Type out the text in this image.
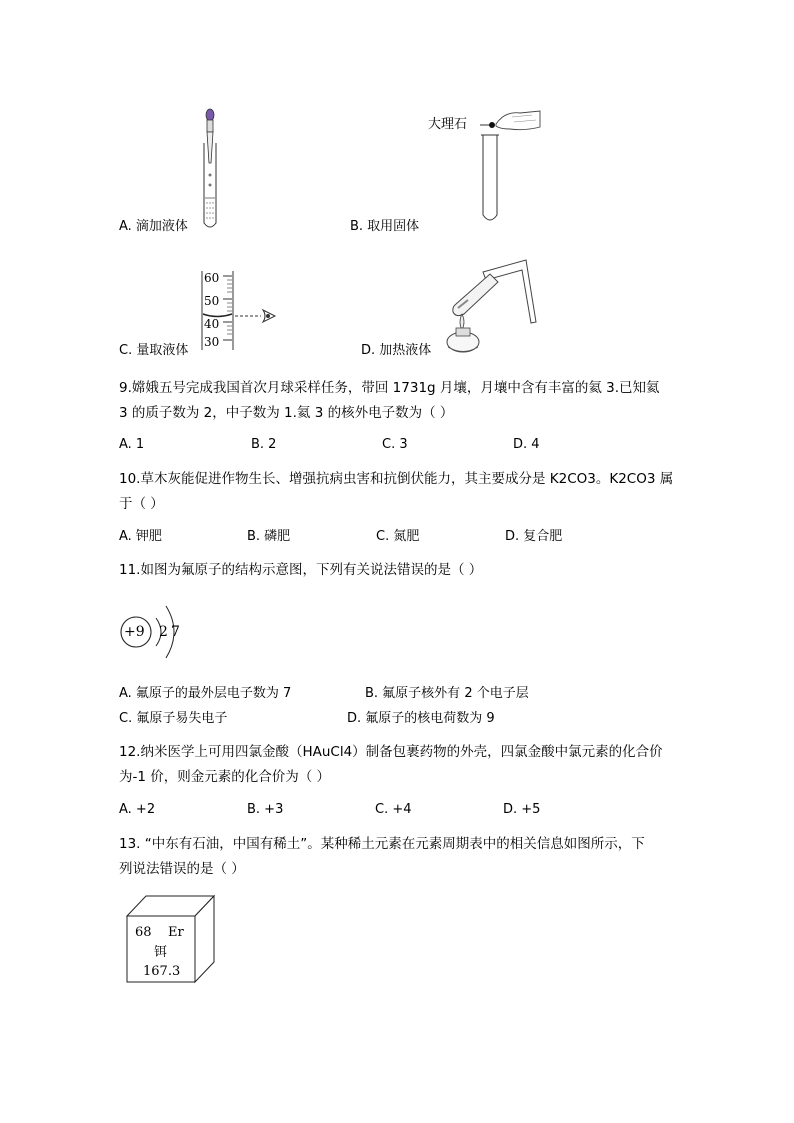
A. 滴加液体
大理石
B. 取用固体
60
50
40
30
C. 量取液体	D. 加热液体
9.嫦娥五号完成我国首次月球采样任务，带回 1731g 月壤，月壤中含有丰富的氦 3.已知氦
3 的质子数为 2，中子数为 1.氦 3 的核外电子数为（ ）
A. 1	B. 2	C. 3	D. 4
10.草木灰能促进作物生长、增强抗病虫害和抗倒伏能力，其主要成分是 K2CO3。K2CO3 属
于（ ）
A. 钾肥	B. 磷肥	C. 氮肥	D. 复合肥
11.如图为氟原子的结构示意图，下列有关说法错误的是（ ）
+9 2 7
A. 氟原子的最外层电子数为 7	B. 氟原子核外有 2 个电子层
C. 氟原子易失电子	D. 氟原子的核电荷数为 9
12.纳米医学上可用四氯金酸（HAuCl4）制备包裹药物的外壳，四氯金酸中氯元素的化合价
为-1 价，则金元素的化合价为（ ）
A. +2	B. +3	C. +4	D. +5
13. “中东有石油，中国有稀土”。某种稀土元素在元素周期表中的相关信息如图所示，下
列说法错误的是（ ）
68 Er
铒
167.3
